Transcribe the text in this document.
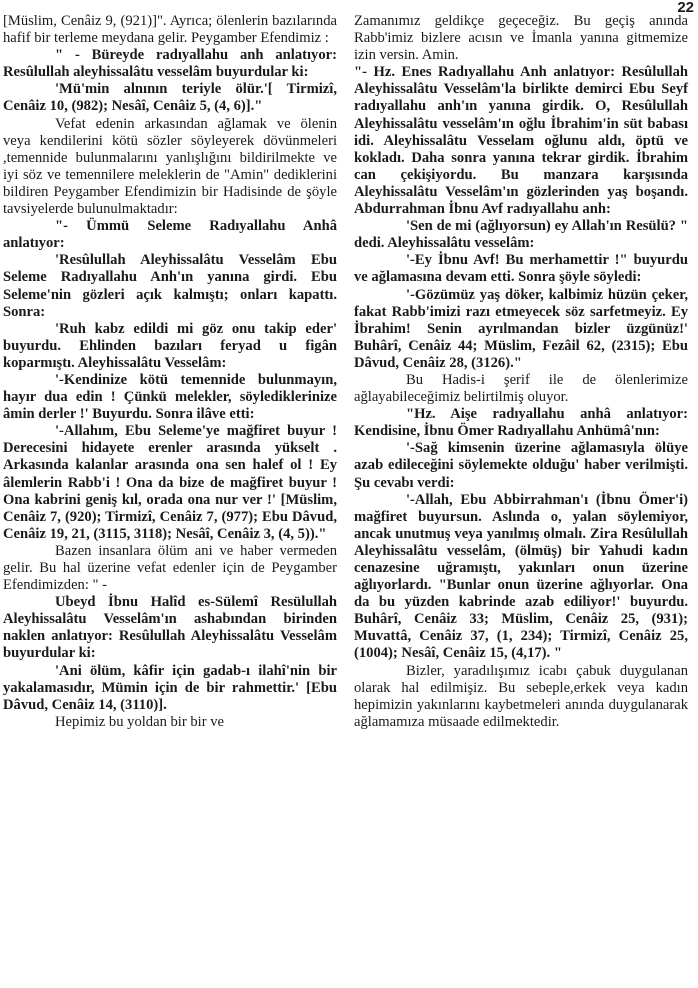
22

[Müslim, Cenâiz 9, (921)]". Ayrıca; ölenlerin bazılarında hafif bir terleme meydana gelir. Peygamber Efendimiz :

" - Büreyde radıyallahu anh anlatıyor: Resûlullah aleyhissalâtu vesselâm buyurdular ki:

'Mü'min alnının teriyle ölür.'[ Tirmizî, Cenâiz 10, (982); Nesâî, Cenâiz 5, (4, 6)]."

Vefat edenin arkasından ağlamak ve ölenin veya kendilerini kötü sözler söyleyerek dövünmeleri ,temennide bulunmalarını yanlışlığını bildirilmekte ve iyi söz ve temennilere meleklerin de "Amin" dediklerini bildiren Peygamber Efendimizin bir Hadisinde de şöyle tavsiyelerde bulunulmaktadır:

"- Ümmü Seleme Radıyallahu Anhâ anlatıyor:

'Resûlullah Aleyhissalâtu Vesselâm Ebu Seleme Radıyallahu Anh'ın yanına girdi. Ebu Seleme'nin gözleri açık kalmıştı; onları kapattı. Sonra:

'Ruh kabz edildi mi göz onu takip eder' buyurdu. Ehlinden bazıları feryad u figân koparmıştı. Aleyhissalâtu Vesselâm:

'-Kendinize kötü temennide bulunmayın, hayır dua edin ! Çünkü melekler, söylediklerinize âmin derler !' Buyurdu. Sonra ilâve etti:

'-Allahım, Ebu Seleme'ye mağfiret buyur ! Derecesini hidayete erenler arasında yükselt . Arkasında kalanlar arasında ona sen halef ol ! Ey âlemlerin Rabb'i ! Ona da bize de mağfiret buyur ! Ona kabrini geniş kıl, orada ona nur ver !' [Müslim, Cenâiz 7, (920); Tirmizî, Cenâiz 7, (977); Ebu Dâvud, Cenâiz 19, 21, (3115, 3118); Nesâî, Cenâiz 3, (4, 5))."

Bazen insanlara ölüm ani ve haber vermeden gelir. Bu hal üzerine vefat edenler için de Peygamber Efendimizden: " -

Ubeyd İbnu Halîd es-Sülemî Resülullah Aleyhissalâtu Vesselâm'ın ashabından birinden naklen anlatıyor: Resûlullah Aleyhissalâtu Vesselâm buyurdular ki:

'Ani ölüm, kâfir için gadab-ı ilahî'nin bir yakalamasıdır, Mümin için de bir rahmettir.' [Ebu Dâvud, Cenâiz 14, (3110)].

Hepimiz bu yoldan bir bir ve

Zamanımız geldikçe geçeceğiz. Bu geçiş anında Rabb'imiz bizlere acısın ve İmanla yanına gitmemize izin versin. Amin.

"- Hz. Enes Radıyallahu Anh anlatıyor: Resûlullah Aleyhissalâtu Vesselâm'la birlikte demirci Ebu Seyf radıyallahu anh'ın yanına girdik. O, Resûlullah Aleyhissalâtu vesselâm'ın oğlu İbrahim'in süt babası idi. Aleyhissalâtu Vesselam oğlunu aldı, öptü ve kokladı. Daha sonra yanına tekrar girdik. İbrahim can çekişiyordu. Bu manzara karşısında Aleyhissalâtu Vesselâm'ın gözlerinden yaş boşandı. Abdurrahman İbnu Avf radıyallahu anh:

'Sen de mi (ağlıyorsun) ey Allah'ın Resülü? " dedi. Aleyhissalâtu vesselâm:

'-Ey İbnu Avf! Bu merhamettir !" buyurdu ve ağlamasına devam etti. Sonra şöyle söyledi:

'-Gözümüz yaş döker, kalbimiz hüzün çeker, fakat Rabb'imizi razı etmeyecek söz sarfetmeyiz. Ey İbrahim! Senin ayrılmandan bizler üzgünüz!' Buhârî, Cenâiz 44; Müslim, Fezâil 62, (2315); Ebu Dâvud, Cenâiz 28, (3126)."

Bu Hadis-i şerif ile de ölenlerimize ağlayabileceğimiz belirtilmiş oluyor.

"Hz. Aişe radıyallahu anhâ anlatıyor: Kendisine, İbnu Ömer Radıyallahu Anhümâ'nın:

'-Sağ kimsenin üzerine ağlamasıyla ölüye azab edileceğini söylemekte olduğu' haber verilmişti. Şu cevabı verdi:

'-Allah, Ebu Abbirrahman'ı (İbnu Ömer'i) mağfiret buyursun. Aslında o, yalan söylemiyor, ancak unutmuş veya yanılmış olmalı. Zira Resûlullah Aleyhissalâtu vesselâm, (ölmüş) bir Yahudi kadın cenazesine uğramıştı, yakınları onun üzerine ağlıyorlardı. "Bunlar onun üzerine ağlıyorlar. Ona da bu yüzden kabrinde azab ediliyor!' buyurdu. Buhârî, Cenâiz 33; Müslim, Cenâiz 25, (931); Muvattâ, Cenâiz 37, (1, 234); Tirmizî, Cenâiz 25, (1004); Nesâî, Cenâiz 15, (4,17). "

Bizler, yaradılışımız icabı çabuk duygulanan olarak hal edilmişiz. Bu sebeple,erkek veya kadın hepimizin yakınlarını kaybetmeleri anında duygulanarak ağlamamıza müsaade edilmektedir.
